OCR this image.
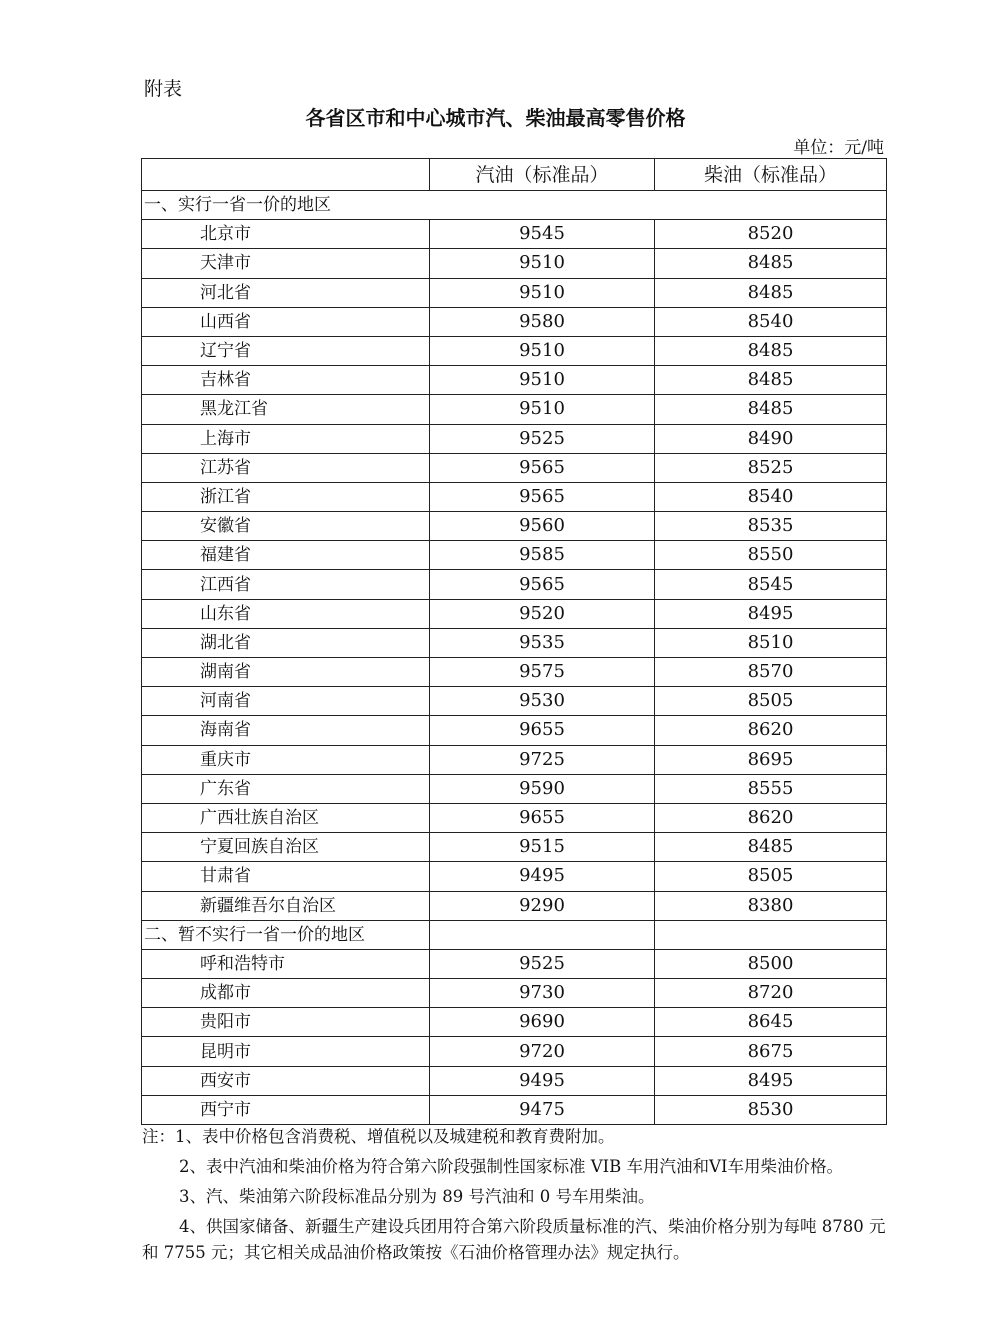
附表
各省区市和中心城市汽、柴油最高零售价格
单位：元/吨
	汽油（标准品）	柴油（标准品）
一、实行一省一价的地区		
北京市	9545	8520
天津市	9510	8485
河北省	9510	8485
山西省	9580	8540
辽宁省	9510	8485
吉林省	9510	8485
黑龙江省	9510	8485
上海市	9525	8490
江苏省	9565	8525
浙江省	9565	8540
安徽省	9560	8535
福建省	9585	8550
江西省	9565	8545
山东省	9520	8495
湖北省	9535	8510
湖南省	9575	8570
河南省	9530	8505
海南省	9655	8620
重庆市	9725	8695
广东省	9590	8555
广西壮族自治区	9655	8620
宁夏回族自治区	9515	8485
甘肃省	9495	8505
新疆维吾尔自治区	9290	8380
二、暂不实行一省一价的地区		
呼和浩特市	9525	8500
成都市	9730	8720
贵阳市	9690	8645
昆明市	9720	8675
西安市	9495	8495
西宁市	9475	8530

注：1、表中价格包含消费税、增值税以及城建税和教育费附加。

2、表中汽油和柴油价格为符合第六阶段强制性国家标准 VIB 车用汽油和VI车用柴油价格。

3、汽、柴油第六阶段标准品分别为 89 号汽油和 0 号车用柴油。

4、供国家储备、新疆生产建设兵团用符合第六阶段质量标准的汽、柴油价格分别为每吨 8780 元和 7755 元；其它相关成品油价格政策按《石油价格管理办法》规定执行。
